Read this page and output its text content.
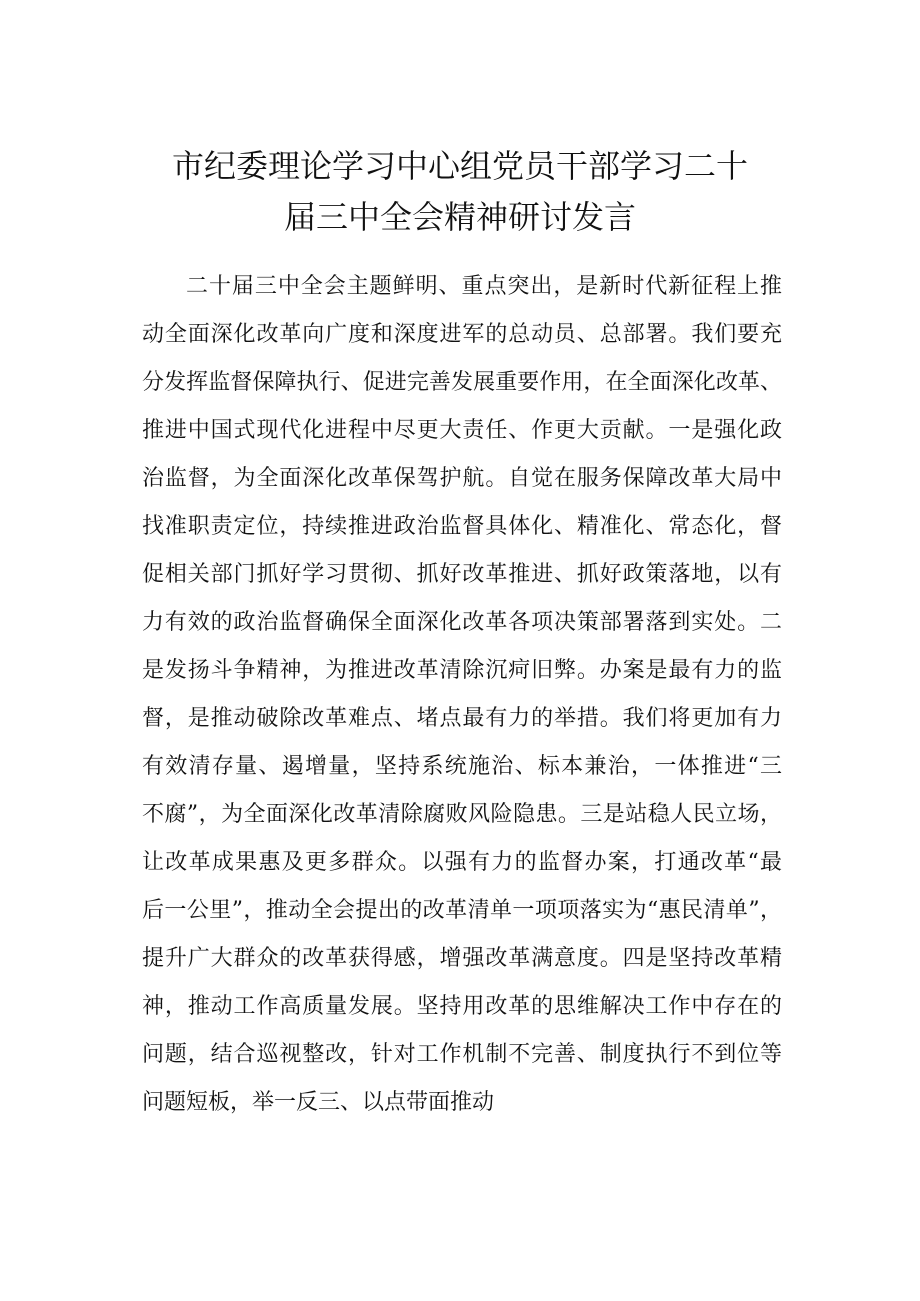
市纪委理论学习中心组党员干部学习二十
届三中全会精神研讨发言
二十届三中全会主题鲜明、重点突出，是新时代新征程上推
动全面深化改革向广度和深度进军的总动员、总部署。我们要充
分发挥监督保障执行、促进完善发展重要作用，在全面深化改革、
推进中国式现代化进程中尽更大责任、作更大贡献。一是强化政
治监督，为全面深化改革保驾护航。自觉在服务保障改革大局中
找准职责定位，持续推进政治监督具体化、精准化、常态化，督
促相关部门抓好学习贯彻、抓好改革推进、抓好政策落地，以有
力有效的政治监督确保全面深化改革各项决策部署落到实处。二
是发扬斗争精神，为推进改革清除沉疴旧弊。办案是最有力的监
督，是推动破除改革难点、堵点最有力的举措。我们将更加有力
有效清存量、遏增量，坚持系统施治、标本兼治，一体推进“三
不腐”，为全面深化改革清除腐败风险隐患。三是站稳人民立场，
让改革成果惠及更多群众。以强有力的监督办案，打通改革“最
后一公里”，推动全会提出的改革清单一项项落实为“惠民清单”，
提升广大群众的改革获得感，增强改革满意度。四是坚持改革精
神，推动工作高质量发展。坚持用改革的思维解决工作中存在的
问题，结合巡视整改，针对工作机制不完善、制度执行不到位等
问题短板，举一反三、以点带面推动
